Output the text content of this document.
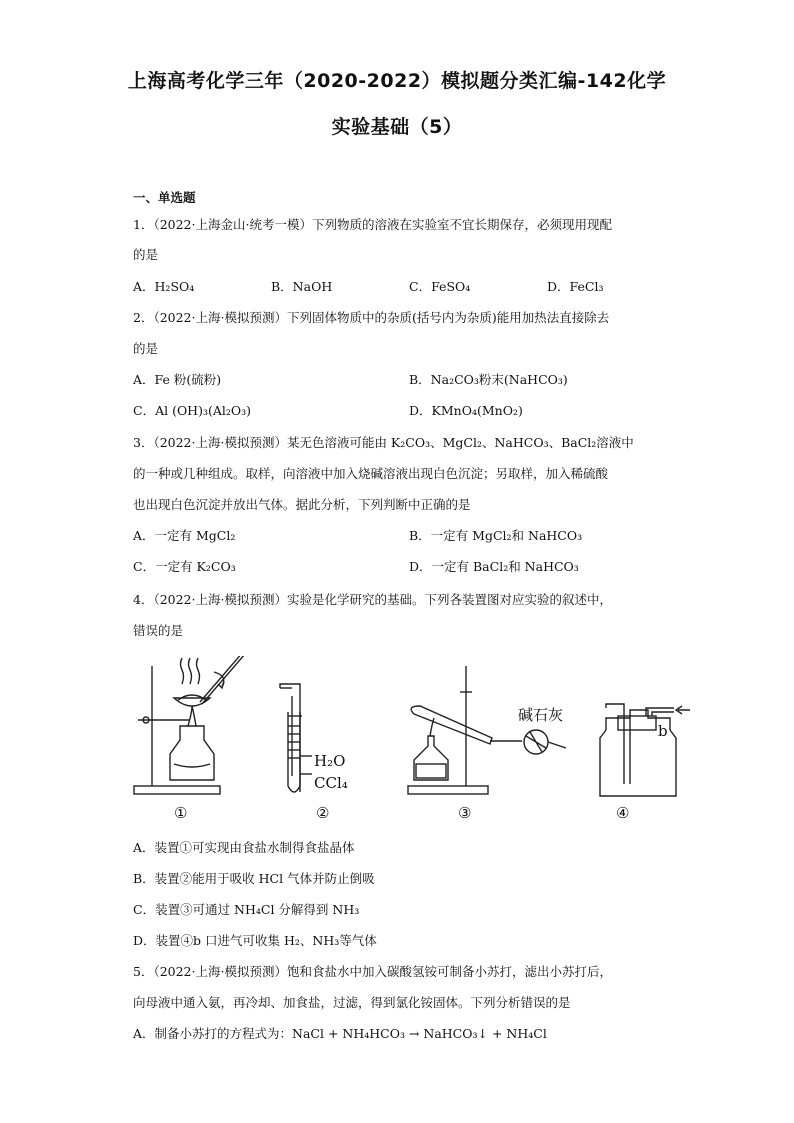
上海高考化学三年（2020-2022）模拟题分类汇编-142化学
实验基础（5）
一、单选题
1．（2022·上海金山·统考一模）下列物质的溶液在实验室不宜长期保存，必须现用现配
的是
A．H₂SO₄	B．NaOH	C．FeSO₄	D．FeCl₃
2．（2022·上海·模拟预测）下列固体物质中的杂质(括号内为杂质)能用加热法直接除去
的是
A．Fe 粉(硫粉)	B．Na₂CO₃粉末(NaHCO₃)
C．Al (OH)₃(Al₂O₃)	D．KMnO₄(MnO₂)
3．（2022·上海·模拟预测）某无色溶液可能由 K₂CO₃、MgCl₂、NaHCO₃、BaCl₂溶液中
的一种或几种组成。取样，向溶液中加入烧碱溶液出现白色沉淀；另取样，加入稀硫酸
也出现白色沉淀并放出气体。据此分析，下列判断中正确的是
A．一定有 MgCl₂	B．一定有 MgCl₂和 NaHCO₃
C．一定有 K₂CO₃	D．一定有 BaCl₂和 NaHCO₃
4．（2022·上海·模拟预测）实验是化学研究的基础。下列各装置图对应实验的叙述中，
错误的是
H₂O
CCl₄
碱石灰
b
①	②	③	④
A．装置①可实现由食盐水制得食盐晶体
B．装置②能用于吸收 HCl 气体并防止倒吸
C．装置③可通过 NH₄Cl 分解得到 NH₃
D．装置④b 口进气可收集 H₂、NH₃等气体
5．（2022·上海·模拟预测）饱和食盐水中加入碳酸氢铵可制备小苏打，滤出小苏打后，
向母液中通入氨，再冷却、加食盐，过滤，得到氯化铵固体。下列分析错误的是
A．制备小苏打的方程式为：NaCl + NH₄HCO₃ → NaHCO₃↓ + NH₄Cl
